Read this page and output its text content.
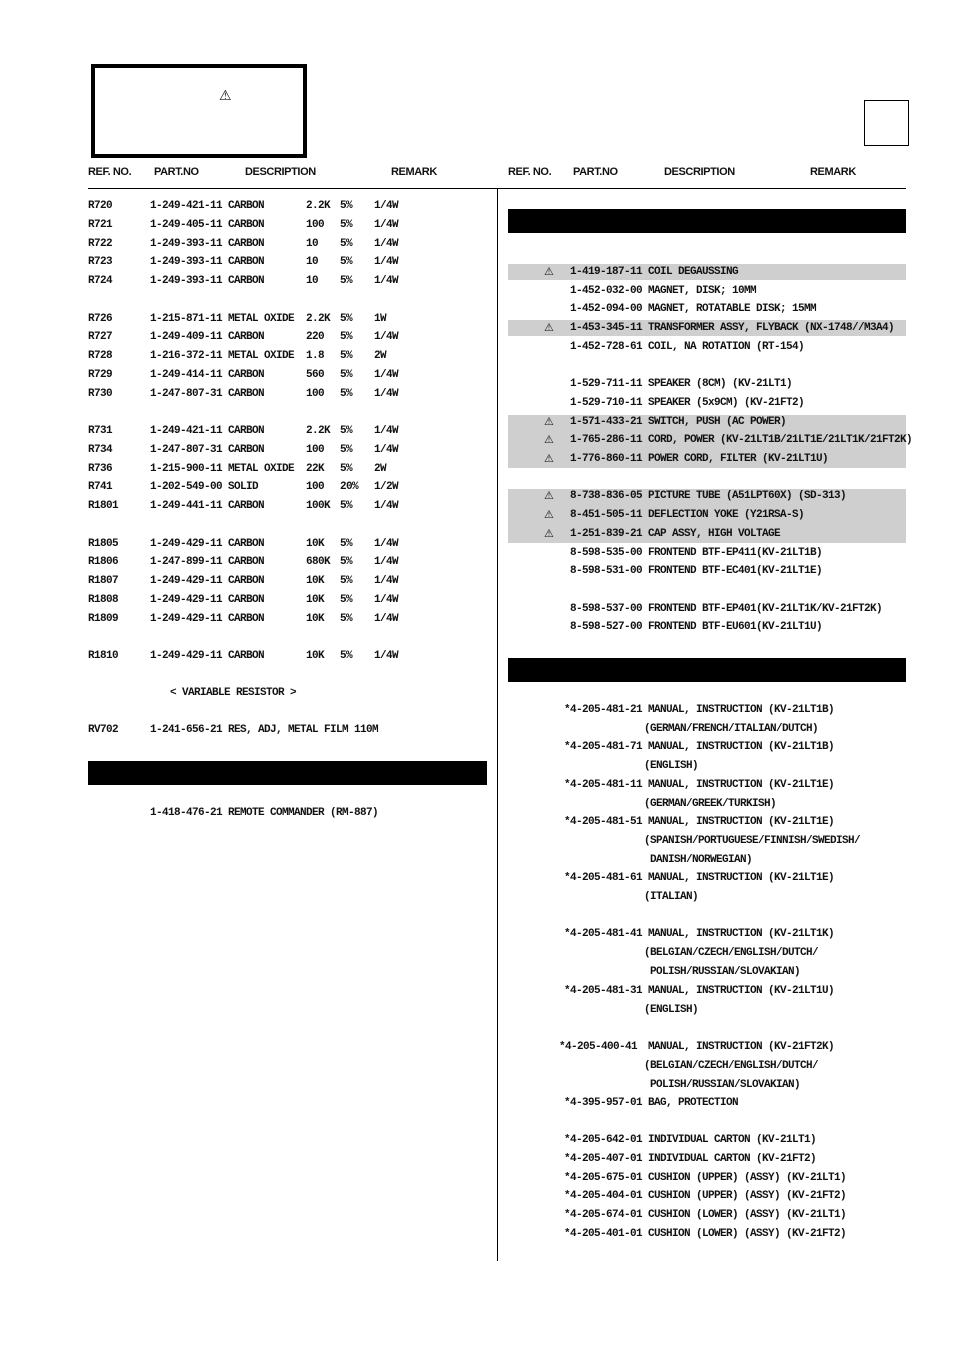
⚠
REF. NO. PART.NO	DESCRIPTION	REMARK	REF. NO. PART.NO	DESCRIPTION	REMARK
R720	1-249-421-11 CARBON	2.2K 5% 1/4W
R721	1-249-405-11 CARBON	100 5% 1/4W
R722	1-249-393-11 CARBON	10 5% 1/4W
R723	1-249-393-11 CARBON	10 5% 1/4W
R724	1-249-393-11 CARBON	10 5% 1/4W
R726	1-215-871-11 METAL OXIDE 2.2K 5% 1W
R727	1-249-409-11 CARBON	220 5% 1/4W
R728	1-216-372-11 METAL OXIDE 1.8 5% 2W
R729	1-249-414-11 CARBON	560 5% 1/4W
R730	1-247-807-31 CARBON	100 5% 1/4W
R731	1-249-421-11 CARBON	2.2K 5% 1/4W
R734	1-247-807-31 CARBON	100 5% 1/4W
R736	1-215-900-11 METAL OXIDE 22K 5% 2W
R741	1-202-549-00 SOLID	100 20% 1/2W
R1801	1-249-441-11 CARBON	100K 5% 1/4W
R1805	1-249-429-11 CARBON	10K 5% 1/4W
R1806	1-247-899-11 CARBON	680K 5% 1/4W
R1807	1-249-429-11 CARBON	10K 5% 1/4W
R1808	1-249-429-11 CARBON	10K 5% 1/4W
R1809	1-249-429-11 CARBON	10K 5% 1/4W
R1810	1-249-429-11 CARBON	10K 5% 1/4W
< VARIABLE RESISTOR >
RV702	1-241-656-21 RES, ADJ, METAL FILM 110M
1-418-476-21 REMOTE COMMANDER (RM-887)
⚠ 1-419-187-11 COIL DEGAUSSING
1-452-032-00 MAGNET, DISK; 10MM
1-452-094-00 MAGNET, ROTATABLE DISK; 15MM
⚠ 1-453-345-11 TRANSFORMER ASSY, FLYBACK (NX-1748//M3A4)
1-452-728-61 COIL, NA ROTATION (RT-154)
1-529-711-11 SPEAKER (8CM) (KV-21LT1)
1-529-710-11 SPEAKER (5x9CM) (KV-21FT2)
⚠ 1-571-433-21 SWITCH, PUSH (AC POWER)
⚠ 1-765-286-11 CORD, POWER (KV-21LT1B/21LT1E/21LT1K/21FT2K)
⚠ 1-776-860-11 POWER CORD, FILTER (KV-21LT1U)
⚠ 8-738-836-05 PICTURE TUBE (A51LPT60X) (SD-313)
⚠ 8-451-505-11 DEFLECTION YOKE (Y21RSA-S)
⚠ 1-251-839-21 CAP ASSY, HIGH VOLTAGE
8-598-535-00 FRONTEND BTF-EP411(KV-21LT1B)
8-598-531-00 FRONTEND BTF-EC401(KV-21LT1E)
8-598-537-00 FRONTEND BTF-EP401(KV-21LT1K/KV-21FT2K)
8-598-527-00 FRONTEND BTF-EU601(KV-21LT1U)
*4-205-481-21 MANUAL, INSTRUCTION (KV-21LT1B)
(GERMAN/FRENCH/ITALIAN/DUTCH)
*4-205-481-71 MANUAL, INSTRUCTION (KV-21LT1B)
(ENGLISH)
*4-205-481-11 MANUAL, INSTRUCTION (KV-21LT1E)
(GERMAN/GREEK/TURKISH)
*4-205-481-51 MANUAL, INSTRUCTION (KV-21LT1E)
(SPANISH/PORTUGUESE/FINNISH/SWEDISH/
DANISH/NORWEGIAN)
*4-205-481-61 MANUAL, INSTRUCTION (KV-21LT1E)
(ITALIAN)
*4-205-481-41 MANUAL, INSTRUCTION (KV-21LT1K)
(BELGIAN/CZECH/ENGLISH/DUTCH/
POLISH/RUSSIAN/SLOVAKIAN)
*4-205-481-31 MANUAL, INSTRUCTION (KV-21LT1U)
(ENGLISH)
*4-205-400-41 MANUAL, INSTRUCTION (KV-21FT2K)
(BELGIAN/CZECH/ENGLISH/DUTCH/
POLISH/RUSSIAN/SLOVAKIAN)
*4-395-957-01 BAG, PROTECTION
*4-205-642-01 INDIVIDUAL CARTON (KV-21LT1)
*4-205-407-01 INDIVIDUAL CARTON (KV-21FT2)
*4-205-675-01 CUSHION (UPPER) (ASSY) (KV-21LT1)
*4-205-404-01 CUSHION (UPPER) (ASSY) (KV-21FT2)
*4-205-674-01 CUSHION (LOWER) (ASSY) (KV-21LT1)
*4-205-401-01 CUSHION (LOWER) (ASSY) (KV-21FT2)
